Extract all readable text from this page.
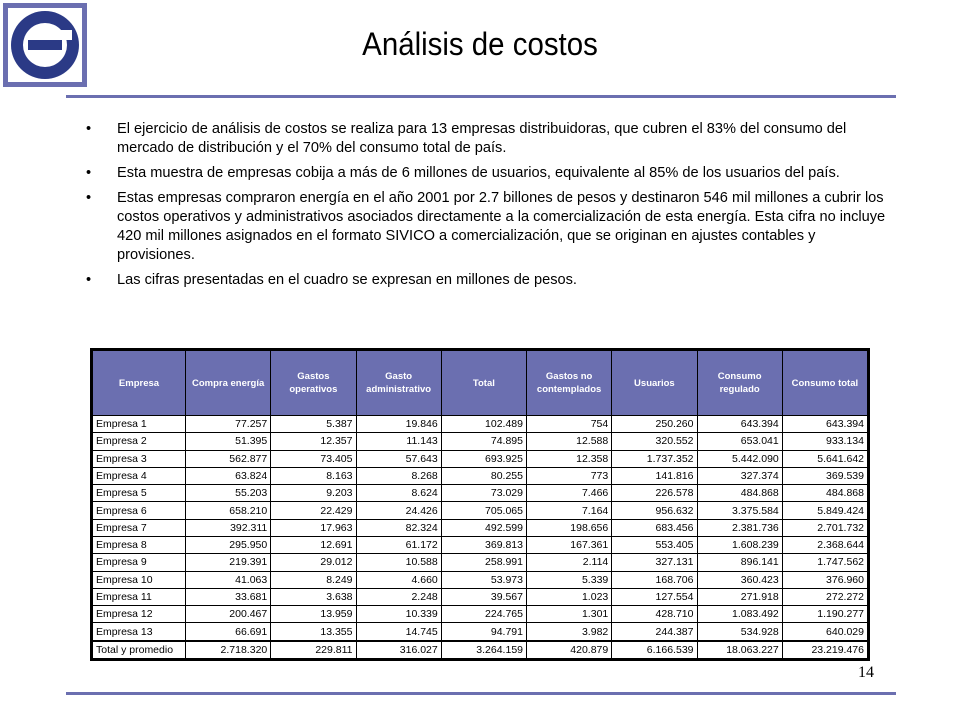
Análisis de costos
• El ejercicio de análisis de costos se realiza para 13 empresas distribuidoras, que cubren el 83% del consumo del mercado de distribución y el 70% del consumo total de país.
• Esta muestra de empresas cobija a más de 6 millones de usuarios, equivalente al 85% de los usuarios del país.
• Estas empresas compraron energía en el año 2001 por 2.7 billones de pesos y destinaron 546 mil millones a cubrir los costos operativos y administrativos asociados directamente a la comercialización de esta energía. Esta cifra no incluye 420 mil millones asignados en el formato SIVICO a comercialización, que se originan en ajustes contables y provisiones.
• Las cifras presentadas en el cuadro se expresan en millones de pesos.
Empresa	Compra energía	Gastos operativos	Gasto administrativo	Total	Gastos no contemplados	Usuarios	Consumo regulado	Consumo total
Empresa 1	77.257	5.387	19.846	102.489	754	250.260	643.394	643.394
Empresa 2	51.395	12.357	11.143	74.895	12.588	320.552	653.041	933.134
Empresa 3	562.877	73.405	57.643	693.925	12.358	1.737.352	5.442.090	5.641.642
Empresa 4	63.824	8.163	8.268	80.255	773	141.816	327.374	369.539
Empresa 5	55.203	9.203	8.624	73.029	7.466	226.578	484.868	484.868
Empresa 6	658.210	22.429	24.426	705.065	7.164	956.632	3.375.584	5.849.424
Empresa 7	392.311	17.963	82.324	492.599	198.656	683.456	2.381.736	2.701.732
Empresa 8	295.950	12.691	61.172	369.813	167.361	553.405	1.608.239	2.368.644
Empresa 9	219.391	29.012	10.588	258.991	2.114	327.131	896.141	1.747.562
Empresa 10	41.063	8.249	4.660	53.973	5.339	168.706	360.423	376.960
Empresa 11	33.681	3.638	2.248	39.567	1.023	127.554	271.918	272.272
Empresa 12	200.467	13.959	10.339	224.765	1.301	428.710	1.083.492	1.190.277
Empresa 13	66.691	13.355	14.745	94.791	3.982	244.387	534.928	640.029
Total y promedio	2.718.320	229.811	316.027	3.264.159	420.879	6.166.539	18.063.227	23.219.476
14
